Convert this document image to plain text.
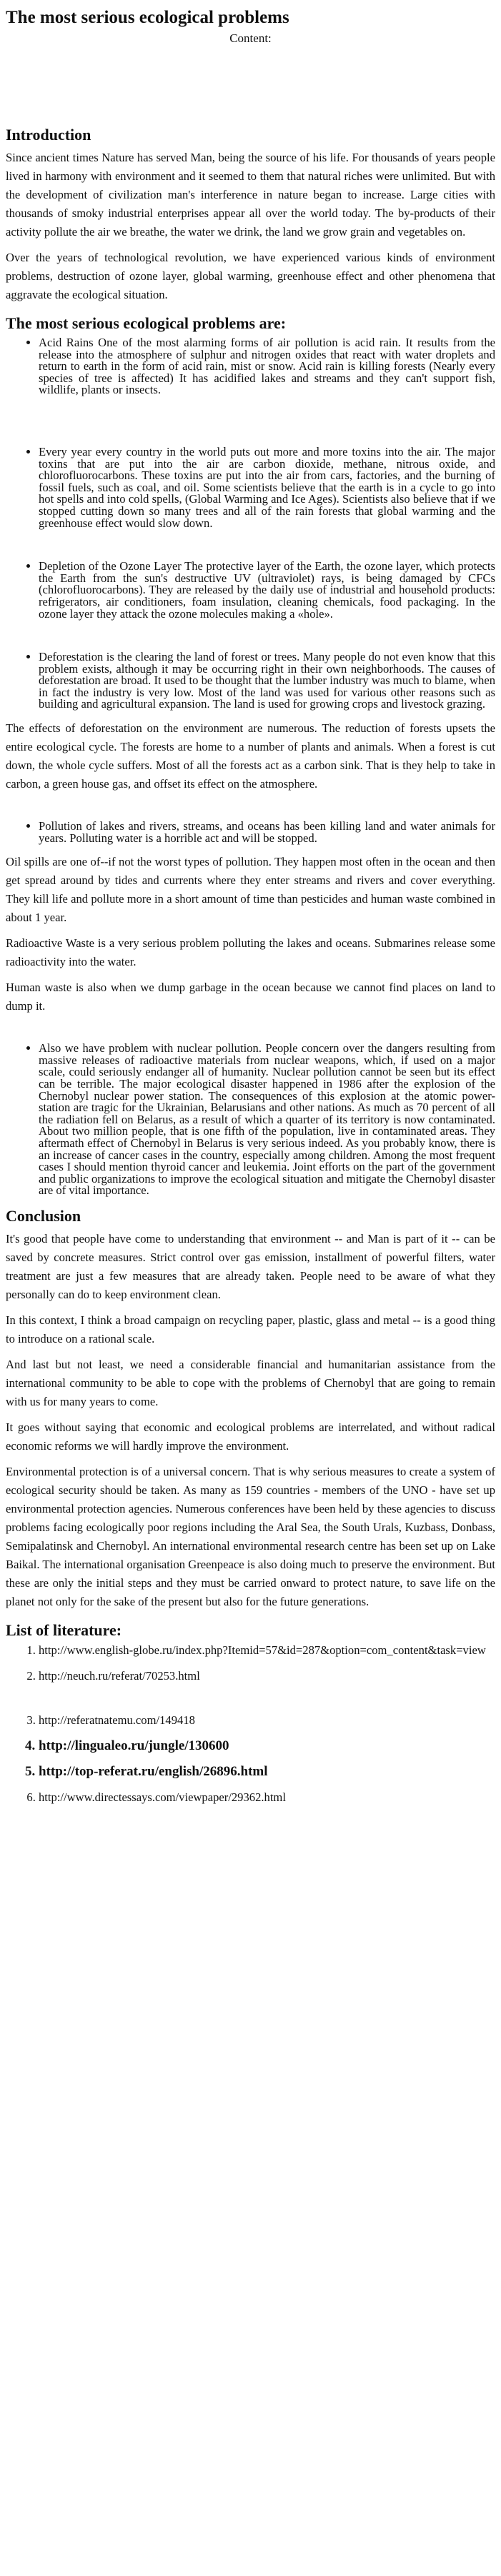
The most serious ecological problems
Content:
Introduction

Since ancient times Nature has served Man, being the source of his life. For thousands of years people lived in harmony with environment and it seemed to them that natural riches were unlimited. But with the development of civilization man's interference in nature began to increase. Large cities with thousands of smoky industrial enterprises appear all over the world today. The by-products of their activity pollute the air we breathe, the water we drink, the land we grow grain and vegetables on.

Over the years of technological revolution, we have experienced various kinds of environment problems, destruction of ozone layer, global warming, greenhouse effect and other phenomena that aggravate the ecological situation.

The most serious ecological problems are:
• Acid Rains One of the most alarming forms of air pollution is acid rain. It results from the release into the atmosphere of sulphur and nitrogen oxides that react with water droplets and return to earth in the form of acid rain, mist or snow. Acid rain is killing forests (Nearly every species of tree is affected) It has acidified lakes and streams and they can't support fish, wildlife, plants or insects.
• Every year every country in the world puts out more and more toxins into the air. The major toxins that are put into the air are carbon dioxide, methane, nitrous oxide, and chlorofluorocarbons. These toxins are put into the air from cars, factories, and the burning of fossil fuels, such as coal, and oil. Some scientists believe that the earth is in a cycle to go into hot spells and into cold spells, (Global Warming and Ice Ages). Scientists also believe that if we stopped cutting down so many trees and all of the rain forests that global warming and the greenhouse effect would slow down.
• Depletion of the Ozone Layer The protective layer of the Earth, the ozone layer, which protects the Earth from the sun's destructive UV (ultraviolet) rays, is being damaged by CFCs (chlorofluorocarbons). They are released by the daily use of industrial and household products: refrigerators, air conditioners, foam insulation, cleaning chemicals, food packaging. In the ozone layer they attack the ozone molecules making a «hole».
• Deforestation is the clearing the land of forest or trees. Many people do not even know that this problem exists, although it may be occurring right in their own neighborhoods. The causes of deforestation are broad. It used to be thought that the lumber industry was much to blame, when in fact the industry is very low. Most of the land was used for various other reasons such as building and agricultural expansion. The land is used for growing crops and livestock grazing.

The effects of deforestation on the environment are numerous. The reduction of forests upsets the entire ecological cycle. The forests are home to a number of plants and animals. When a forest is cut down, the whole cycle suffers. Most of all the forests act as a carbon sink. That is they help to take in carbon, a green house gas, and offset its effect on the atmosphere.

• Pollution of lakes and rivers, streams, and oceans has been killing land and water animals for years. Polluting water is a horrible act and will be stopped.

Oil spills are one of--if not the worst types of pollution. They happen most often in the ocean and then get spread around by tides and currents where they enter streams and rivers and cover everything. They kill life and pollute more in a short amount of time than pesticides and human waste combined in about 1 year.

Radioactive Waste is a very serious problem polluting the lakes and oceans. Submarines release some radioactivity into the water.

Human waste is also when we dump garbage in the ocean because we cannot find places on land to dump it.

• Also we have problem with nuclear pollution. People concern over the dangers resulting from massive releases of radioactive materials from nuclear weapons, which, if used on a major scale, could seriously endanger all of humanity. Nuclear pollution cannot be seen but its effect can be terrible. The major ecological disaster happened in 1986 after the explosion of the Chernobyl nuclear power station. The consequences of this explosion at the atomic power-station are tragic for the Ukrainian, Belarusians and other nations. As much as 70 percent of all the radiation fell on Belarus, as a result of which a quarter of its territory is now contaminated. About two million people, that is one fifth of the population, live in contaminated areas. They aftermath effect of Chernobyl in Belarus is very serious indeed. As you probably know, there is an increase of cancer cases in the country, especially among children. Among the most frequent cases I should mention thyroid cancer and leukemia. Joint efforts on the part of the government and public organizations to improve the ecological situation and mitigate the Chernobyl disaster are of vital importance.
Conclusion

It's good that people have come to understanding that environment -- and Man is part of it -- can be saved by concrete measures. Strict control over gas emission, installment of powerful filters, water treatment are just a few measures that are already taken. People need to be aware of what they personally can do to keep environment clean.

In this context, I think a broad campaign on recycling paper, plastic, glass and metal -- is a good thing to introduce on a rational scale.

And last but not least, we need a considerable financial and humanitarian assistance from the international community to be able to cope with the problems of Chernobyl that are going to remain with us for many years to come.

It goes without saying that economic and ecological problems are interrelated, and without radical economic reforms we will hardly improve the environment.

Environmental protection is of a universal concern. That is why serious measures to create a system of ecological security should be taken. As many as 159 countries - members of the UNO - have set up environmental protection agencies. Numerous conferences have been held by these agencies to discuss problems facing ecologically poor regions including the Aral Sea, the South Urals, Kuzbass, Donbass, Semipalatinsk and Chernobyl. An international environmental research centre has been set up on Lake Baikal. The international organisation Greenpeace is also doing much to preserve the environment. But these are only the initial steps and they must be carried onward to protect nature, to save life on the planet not only for the sake of the present but also for the future generations.

List of literature:
1. http://www.english-globe.ru/index.php?Itemid=57&id=287&option=com_content&task=view
2. http://neuch.ru/referat/70253.html
3. http://referatnatemu.com/149418
4. http://lingualeo.ru/jungle/130600
5. http://top-referat.ru/english/26896.html
6. http://www.directessays.com/viewpaper/29362.html
